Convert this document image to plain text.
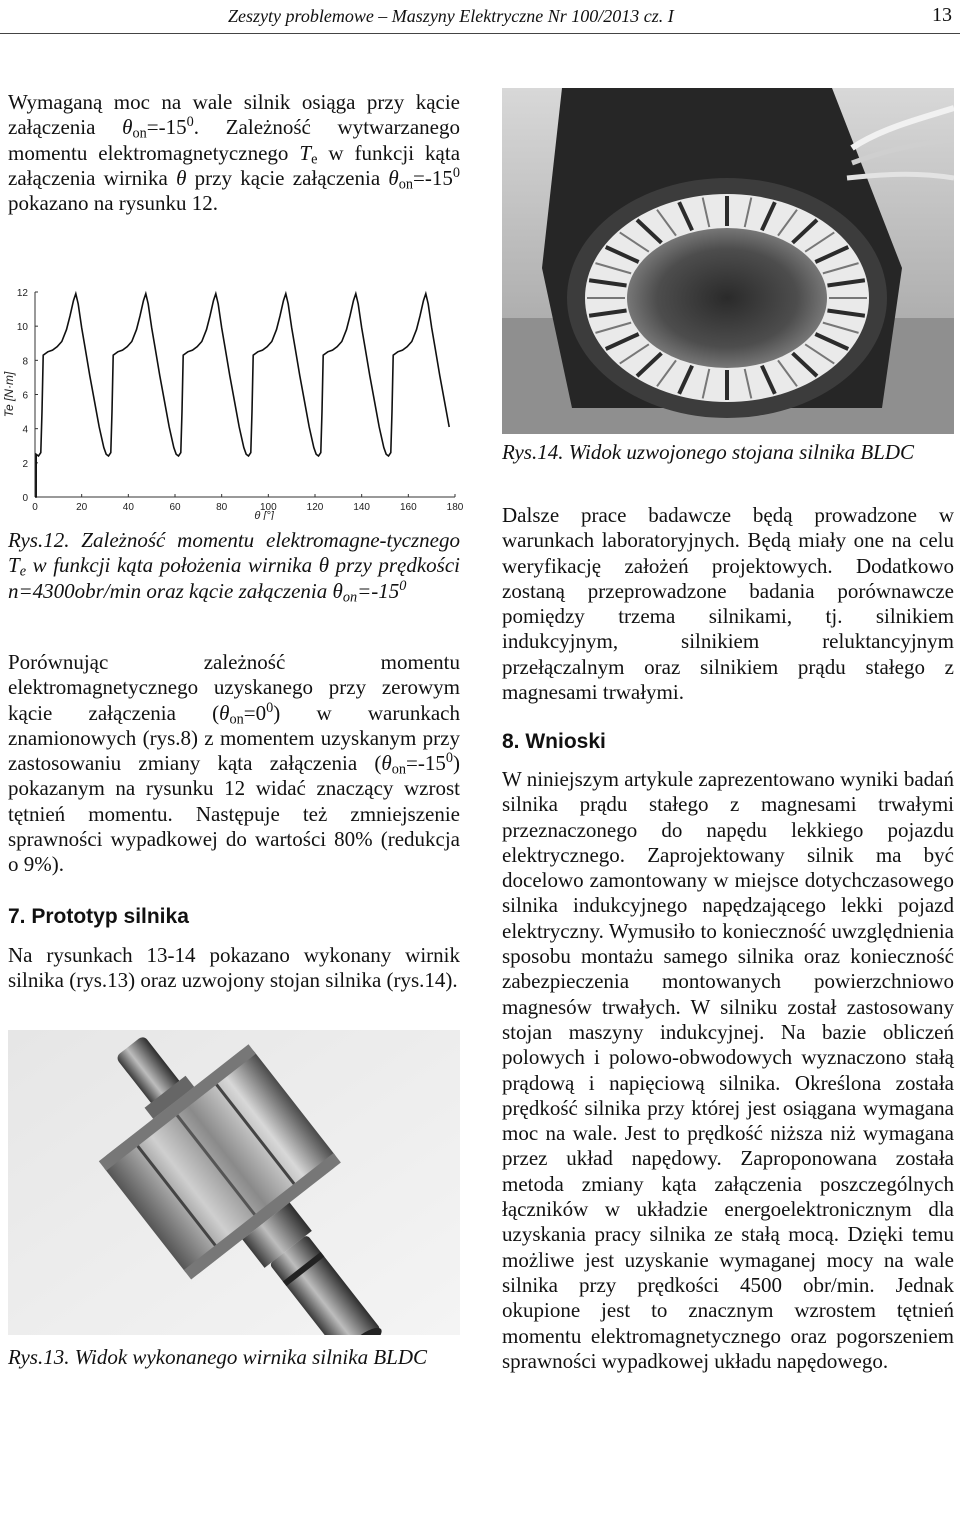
Zeszyty problemowe – Maszyny Elektryczne Nr 100/2013 cz. I	13

Wymaganą moc na wale silnik osiąga przy kącie załączenia $\theta_{on}=-15^0$. Zależność wytwarzanego momentu elektromagnetycznego $T_e$ w funkcji kąta załączenia wirnika θ przy kącie załączenia $\theta_{on}=-15^0$ pokazano na rysunku 12.

0	20	40	60	80	100	120	140	160	180
0
2
4
6
8
10
12
Te [N·m]
θ [°]

Rys.12. Zależność momentu elektromagne-tycznego $T_e$ w funkcji kąta położenia wirnika θ przy prędkości n=4300obr/min oraz kącie załączenia $\theta_{on}=-15^0$

Porównując zależność momentu elektromagnetycznego uzyskanego przy zerowym kącie załączenia $(\theta_{on}=0^0)$ w warunkach znamionowych (rys.8) z momentem uzyskanym przy zastosowaniu zmiany kąta załączenia $(\theta_{on}=-15^0)$ pokazanym na rysunku 12 widać znaczący wzrost tętnień momentu. Następuje też zmniejszenie sprawności wypadkowej do wartości 80% (redukcja o 9%).

7. Prototyp silnika

Na rysunkach 13-14 pokazano wykonany wirnik silnika (rys.13) oraz uzwojony stojan silnika (rys.14).

Rys.13. Widok wykonanego wirnika silnika BLDC

Rys.14. Widok uzwojonego stojana silnika BLDC

Dalsze prace badawcze będą prowadzone w warunkach laboratoryjnych. Będą miały one na celu weryfikację założeń projektowych. Dodatkowo zostaną przeprowadzone badania porównawcze pomiędzy trzema silnikami, tj. silnikiem indukcyjnym, silnikiem reluktancyjnym przełączalnym oraz silnikiem prądu stałego z magnesami trwałymi.

8. Wnioski

W niniejszym artykule zaprezentowano wyniki badań silnika prądu stałego z magnesami trwałymi przeznaczonego do napędu lekkiego pojazdu elektrycznego. Zaprojektowany silnik ma być docelowo zamontowany w miejsce dotychczasowego silnika indukcyjnego napędzającego lekki pojazd elektryczny. Wymusiło to konieczność uwzględnienia sposobu montażu samego silnika oraz konieczność zabezpieczenia montowanych powierzchniowo magnesów trwałych. W silniku został zastosowany stojan maszyny indukcyjnej. Na bazie obliczeń polowych i polowo-obwodowych wyznaczono stałą prądową i napięciową silnika. Określona została prędkość silnika przy której jest osiągana wymagana moc na wale. Jest to prędkość niższa niż wymagana przez układ napędowy. Zaproponowana została metoda zmiany kąta załączenia poszczególnych łączników w układzie energoelektronicznym dla uzyskania pracy silnika ze stałą mocą. Dzięki temu możliwe jest uzyskanie wymaganej mocy na wale silnika przy prędkości 4500 obr/min. Jednak okupione jest to znacznym wzrostem tętnień momentu elektromagnetycznego oraz pogorszeniem sprawności wypadkowej układu napędowego.
